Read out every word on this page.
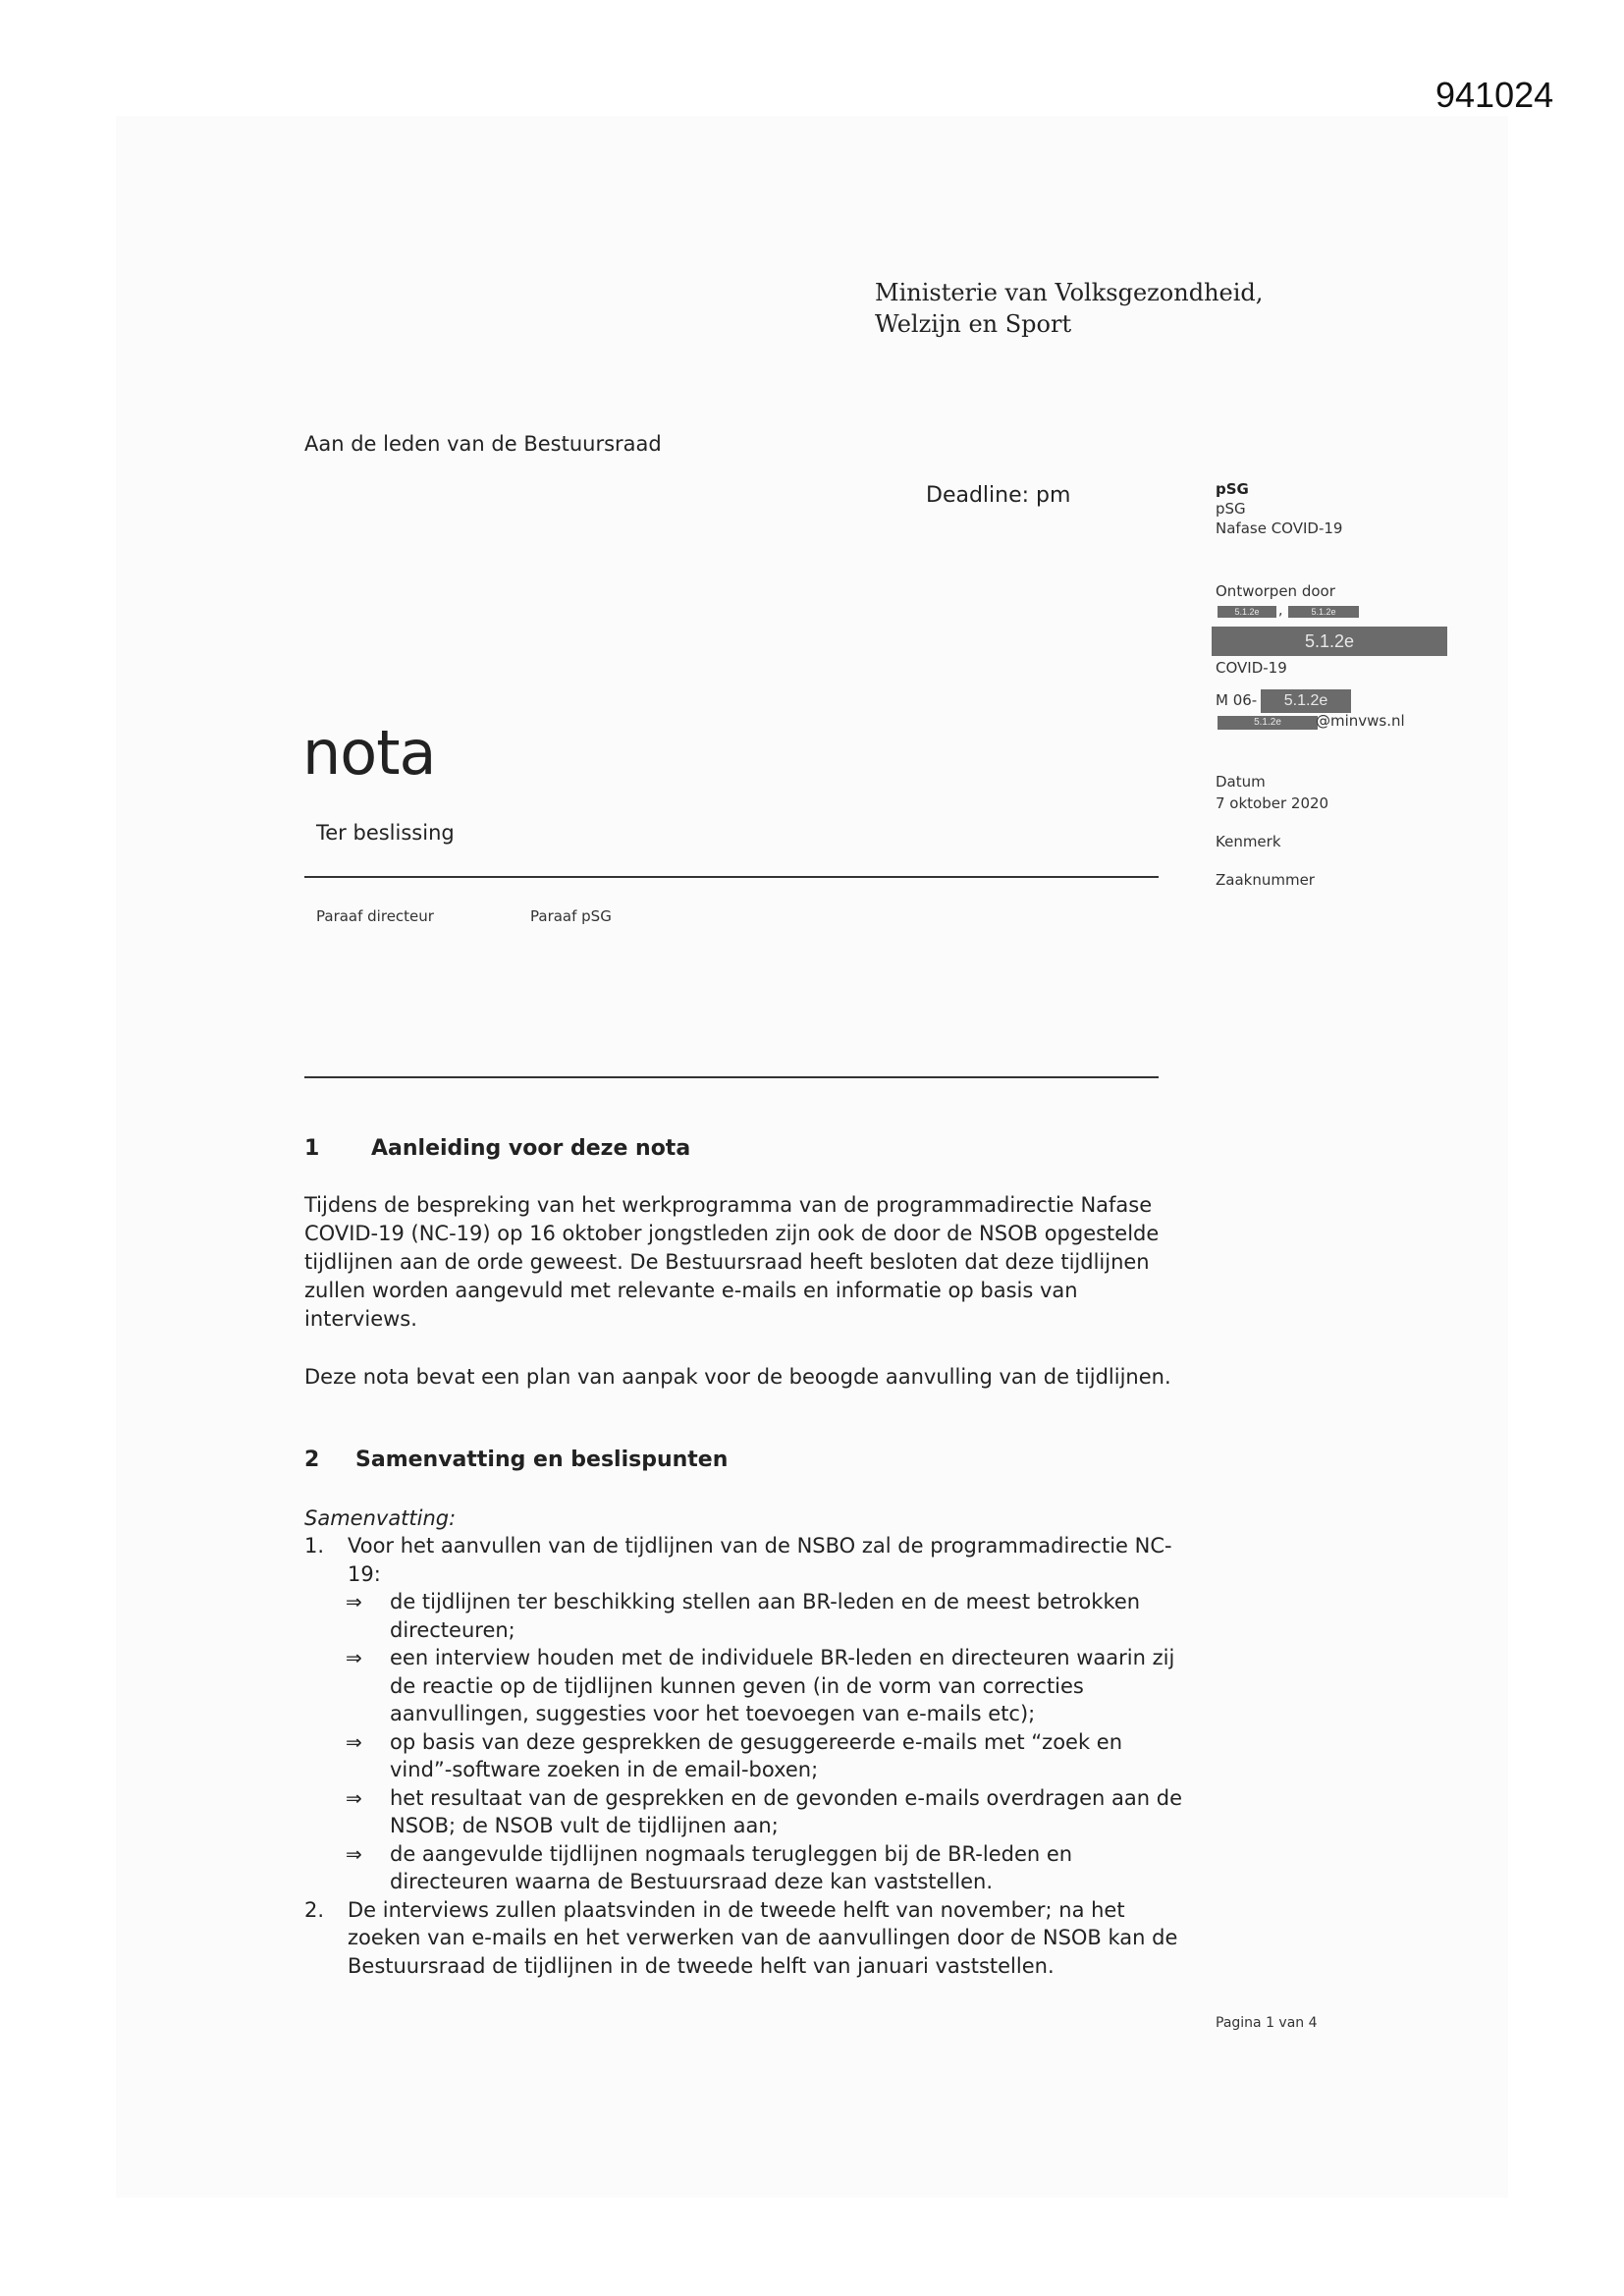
941024
Ministerie van Volksgezondheid,
Welzijn en Sport
Aan de leden van de Bestuursraad
Deadline: pm
nota
Ter beslissing
Paraaf directeur	Paraaf pSG
pSG
pSG
Nafase COVID-19
Ontworpen door
5.1.2e	,	5.1.2e
5.1.2e
COVID-19
M 06-	5.1.2e
5.1.2e	@minvws.nl
Datum
7 oktober 2020
Kenmerk
Zaaknummer
1 Aanleiding voor deze nota

Tijdens de bespreking van het werkprogramma van de programmadirectie Nafase COVID-19 (NC-19) op 16 oktober jongstleden zijn ook de door de NSOB opgestelde tijdlijnen aan de orde geweest. De Bestuursraad heeft besloten dat deze tijdlijnen zullen worden aangevuld met relevante e-mails en informatie op basis van interviews.

Deze nota bevat een plan van aanpak voor de beoogde aanvulling van de tijdlijnen.

2 Samenvatting en beslispunten
Samenvatting:
1. Voor het aanvullen van de tijdlijnen van de NSBO zal de programmadirectie NC-19:
⇒ de tijdlijnen ter beschikking stellen aan BR-leden en de meest betrokken directeuren;
⇒ een interview houden met de individuele BR-leden en directeuren waarin zij de reactie op de tijdlijnen kunnen geven (in de vorm van correcties aanvullingen, suggesties voor het toevoegen van e-mails etc);
⇒ op basis van deze gesprekken de gesuggereerde e-mails met “zoek en vind”-software zoeken in de email-boxen;
⇒ het resultaat van de gesprekken en de gevonden e-mails overdragen aan de NSOB; de NSOB vult de tijdlijnen aan;
⇒ de aangevulde tijdlijnen nogmaals terugleggen bij de BR-leden en directeuren waarna de Bestuursraad deze kan vaststellen.
2. De interviews zullen plaatsvinden in de tweede helft van november; na het zoeken van e-mails en het verwerken van de aanvullingen door de NSOB kan de Bestuursraad de tijdlijnen in de tweede helft van januari vaststellen.
Pagina 1 van 4
